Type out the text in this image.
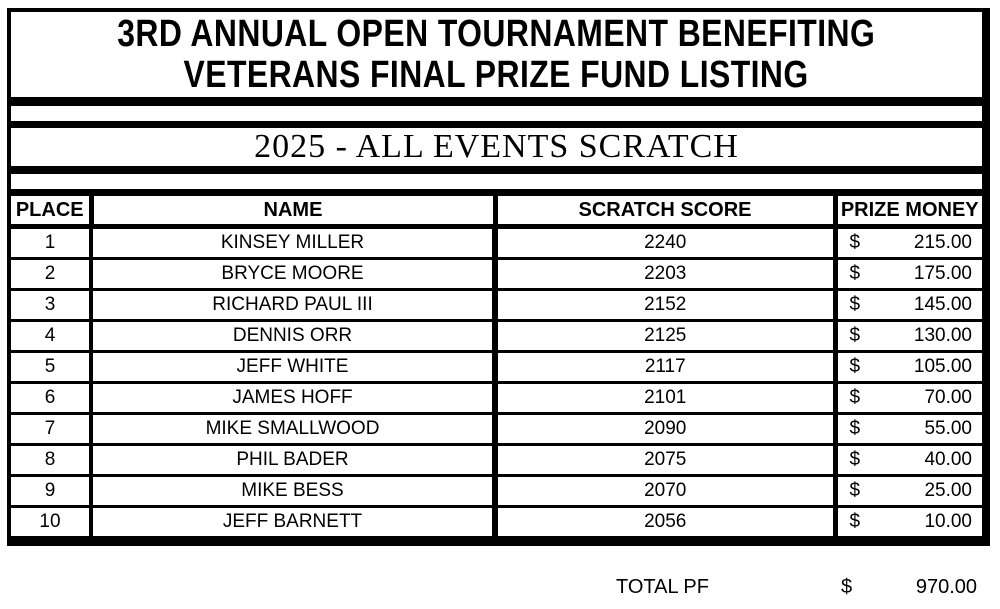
3RD ANNUAL OPEN TOURNAMENT BENEFITING
VETERANS FINAL PRIZE FUND LISTING
2025 - ALL EVENTS SCRATCH
PLACE	NAME	SCRATCH SCORE	PRIZE MONEY
1	KINSEY MILLER	2240	$ 215.00

2	BRYCE MOORE	2203	$ 175.00

3	RICHARD PAUL III	2152	$ 145.00

4	DENNIS ORR	2125	$ 130.00

5	JEFF WHITE	2117	$ 105.00

6	JAMES HOFF	2101	$ 70.00

7	MIKE SMALLWOOD	2090	$ 55.00

8	PHIL BADER	2075	$ 40.00

9	MIKE BESS	2070	$ 25.00

10	JEFF BARNETT	2056	$ 10.00
TOTAL PF	$	970.00
